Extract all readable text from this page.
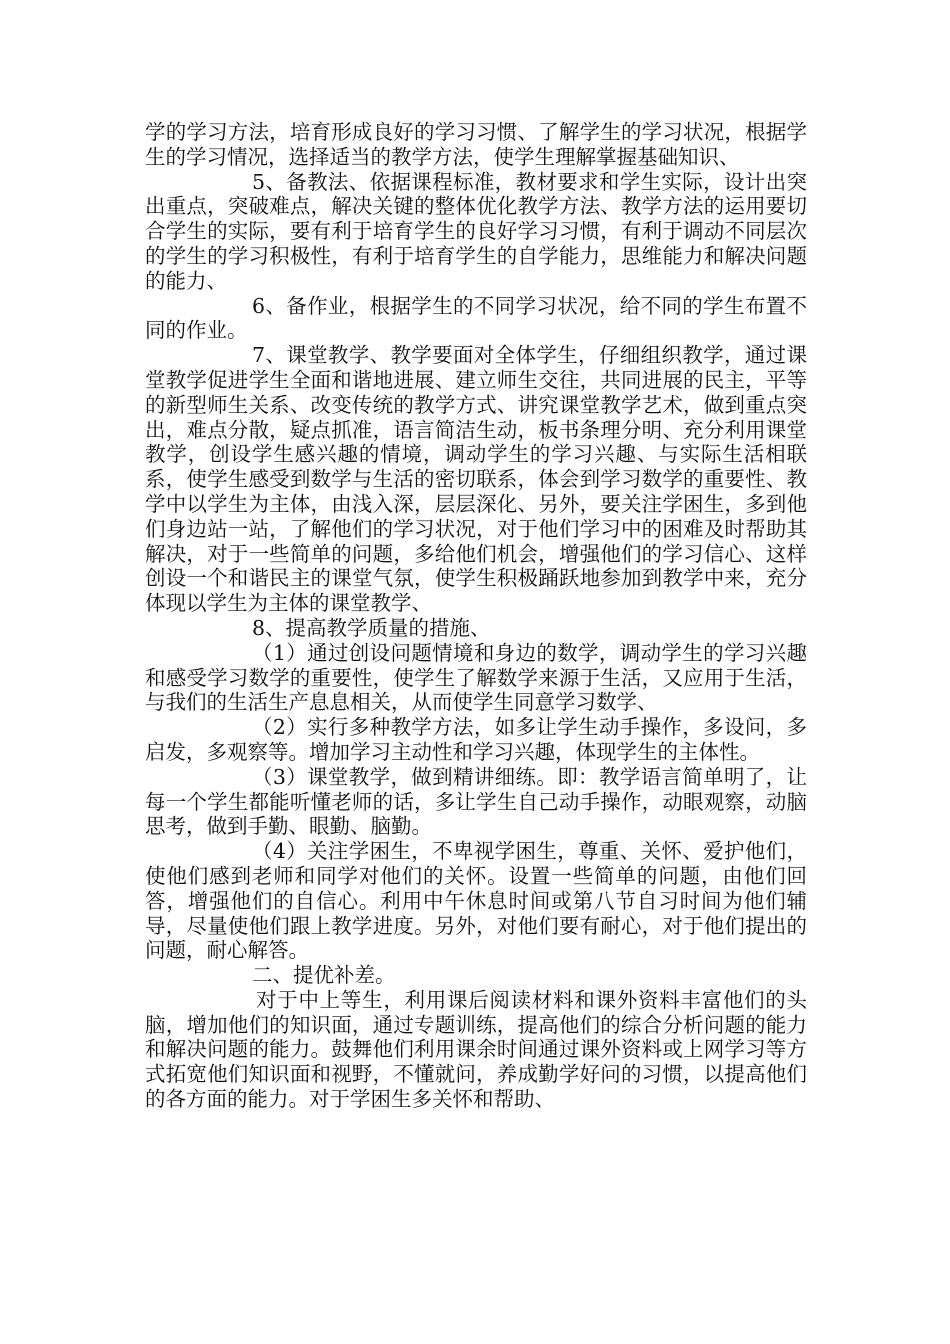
学的学习方法，培育形成良好的学习习惯、了解学生的学习状况，根据学生的学习情况，选择适当的教学方法，使学生理解掌握基础知识、

5、备教法、依据课程标准，教材要求和学生实际，设计出突出重点，突破难点，解决关键的整体优化教学方法、教学方法的运用要切合学生的实际，要有利于培育学生的良好学习习惯，有利于调动不同层次的学生的学习积极性，有利于培育学生的自学能力，思维能力和解决问题的能力、

6、备作业，根据学生的不同学习状况，给不同的学生布置不同的作业。

7、课堂教学、教学要面对全体学生，仔细组织教学，通过课堂教学促进学生全面和谐地进展、建立师生交往，共同进展的民主，平等的新型师生关系、改变传统的教学方式、讲究课堂教学艺术，做到重点突出，难点分散，疑点抓准，语言简洁生动，板书条理分明、充分利用课堂教学，创设学生感兴趣的情境，调动学生的学习兴趣、与实际生活相联系，使学生感受到数学与生活的密切联系，体会到学习数学的重要性、教学中以学生为主体，由浅入深，层层深化、另外，要关注学困生，多到他们身边站一站，了解他们的学习状况，对于他们学习中的困难及时帮助其解决，对于一些简单的问题，多给他们机会，增强他们的学习信心、这样创设一个和谐民主的课堂气氛，使学生积极踊跃地参加到教学中来，充分体现以学生为主体的课堂教学、

8、提高教学质量的措施、

（1）通过创设问题情境和身边的数学，调动学生的学习兴趣和感受学习数学的重要性，使学生了解数学来源于生活，又应用于生活，与我们的生活生产息息相关，从而使学生同意学习数学、

（2）实行多种教学方法，如多让学生动手操作，多设问，多启发，多观察等。增加学习主动性和学习兴趣，体现学生的主体性。

（3）课堂教学，做到精讲细练。即：教学语言简单明了，让每一个学生都能听懂老师的话，多让学生自己动手操作，动眼观察，动脑思考，做到手勤、眼勤、脑勤。

（4）关注学困生，不卑视学困生，尊重、关怀、爱护他们，使他们感到老师和同学对他们的关怀。设置一些简单的问题，由他们回答，增强他们的自信心。利用中午休息时间或第八节自习时间为他们辅导，尽量使他们跟上教学进度。另外，对他们要有耐心，对于他们提出的问题，耐心解答。

二、提优补差。

对于中上等生，利用课后阅读材料和课外资料丰富他们的头脑，增加他们的知识面，通过专题训练，提高他们的综合分析问题的能力和解决问题的能力。鼓舞他们利用课余时间通过课外资料或上网学习等方式拓宽他们知识面和视野，不懂就问，养成勤学好问的习惯，以提高他们的各方面的能力。对于学困生多关怀和帮助、
